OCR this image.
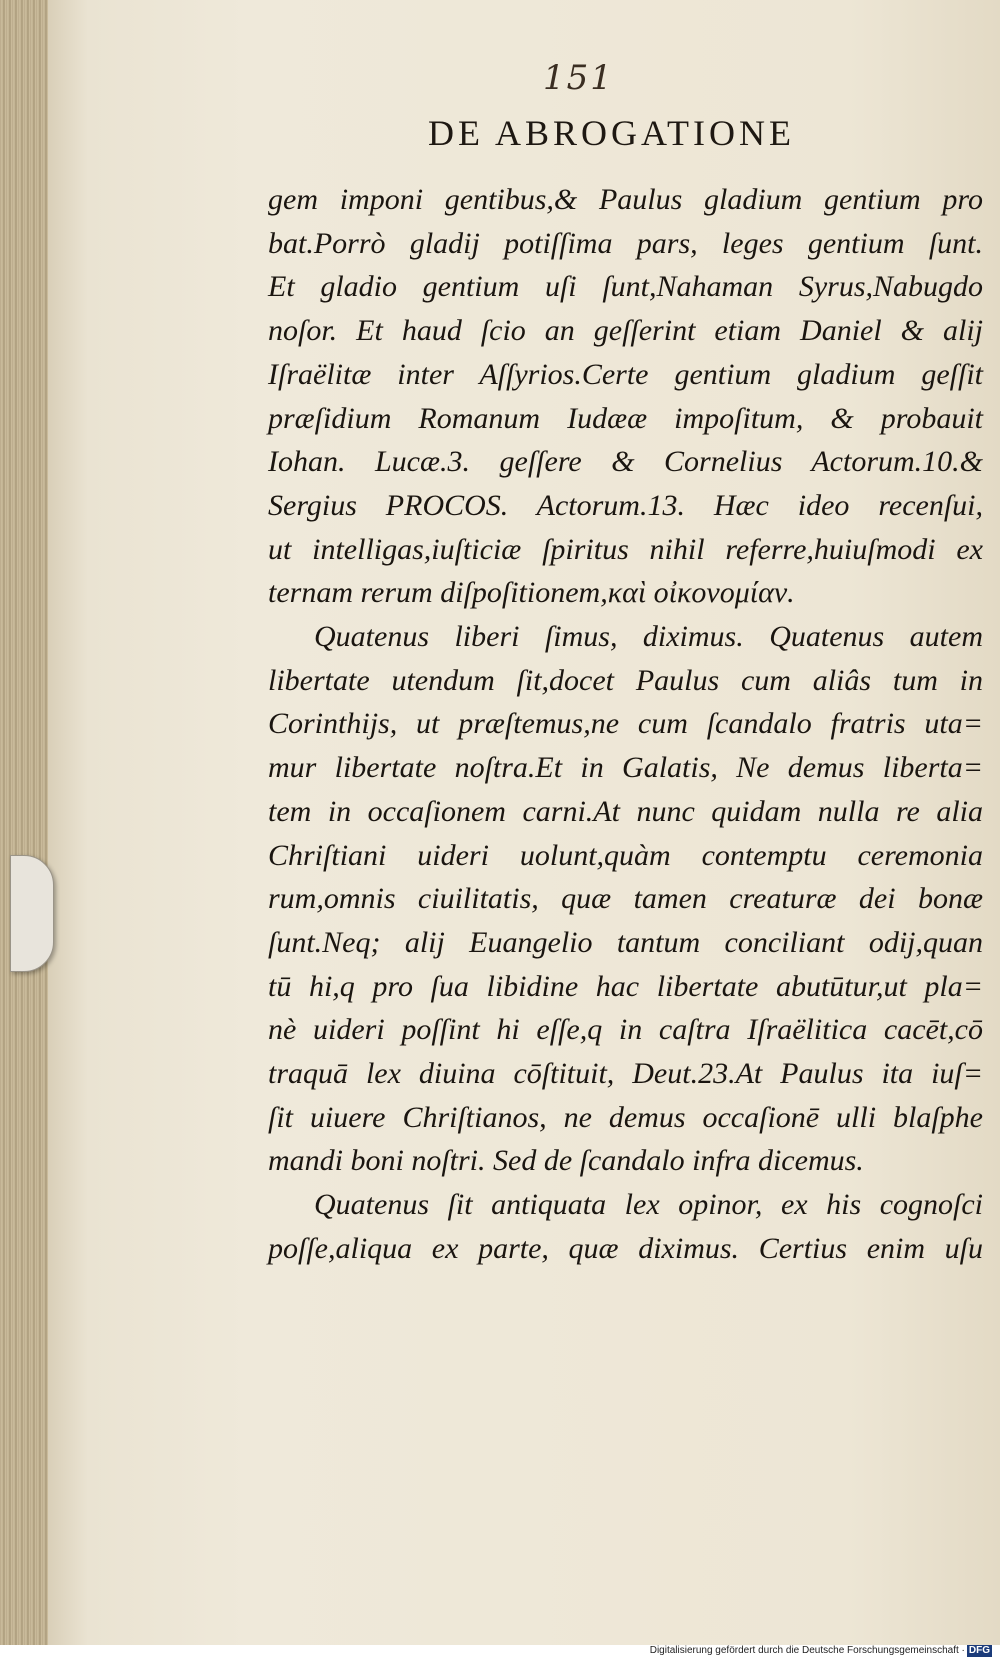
151
DE ABROGATIONE
gem imponi gentibus,& Paulus gladium gentium pro
bat.Porrò gladij potiſſima pars, leges gentium ſunt.
Et gladio gentium uſi ſunt,Nahaman Syrus,Nabugdo
noſor. Et haud ſcio an geſſerint etiam Daniel & alij
Iſraëlitæ inter Aſſyrios.Certe gentium gladium geſſit
præſidium Romanum Iudææ impoſitum, & probauit
Iohan. Lucæ.3. geſſere & Cornelius Actorum.10.&
Sergius PROCOS. Actorum.13. Hæc ideo recenſui,
ut intelligas,iuſticiæ ſpiritus nihil referre,huiuſmodi ex
ternam rerum diſpoſitionem,καὶ οἰκονομίαν.
Quatenus liberi ſimus, diximus. Quatenus autem
libertate utendum ſit,docet Paulus cum aliâs tum in
Corinthijs, ut præſtemus,ne cum ſcandalo fratris uta=
mur libertate noſtra.Et in Galatis, Ne demus liberta=
tem in occaſionem carni.At nunc quidam nulla re alia
Chriſtiani uideri uolunt,quàm contemptu ceremonia
rum,omnis ciuilitatis, quæ tamen creaturæ dei bonæ
ſunt.Neq; alij Euangelio tantum conciliant odij,quan
tū hi,q pro ſua libidine hac libertate abutūtur,ut pla=
nè uideri poſſint hi eſſe,q in caſtra Iſraëlitica cacēt,cō
traquā lex diuina cōſtituit, Deut.23.At Paulus ita iuſ=
ſit uiuere Chriſtianos, ne demus occaſionē ulli blaſphe
mandi boni noſtri. Sed de ſcandalo infra dicemus.
Quatenus ſit antiquata lex opinor, ex his cognoſci
poſſe,aliqua ex parte, quæ diximus. Certius enim uſu
Digitalisierung gefördert durch die Deutsche Forschungsgemeinschaft · DFG
